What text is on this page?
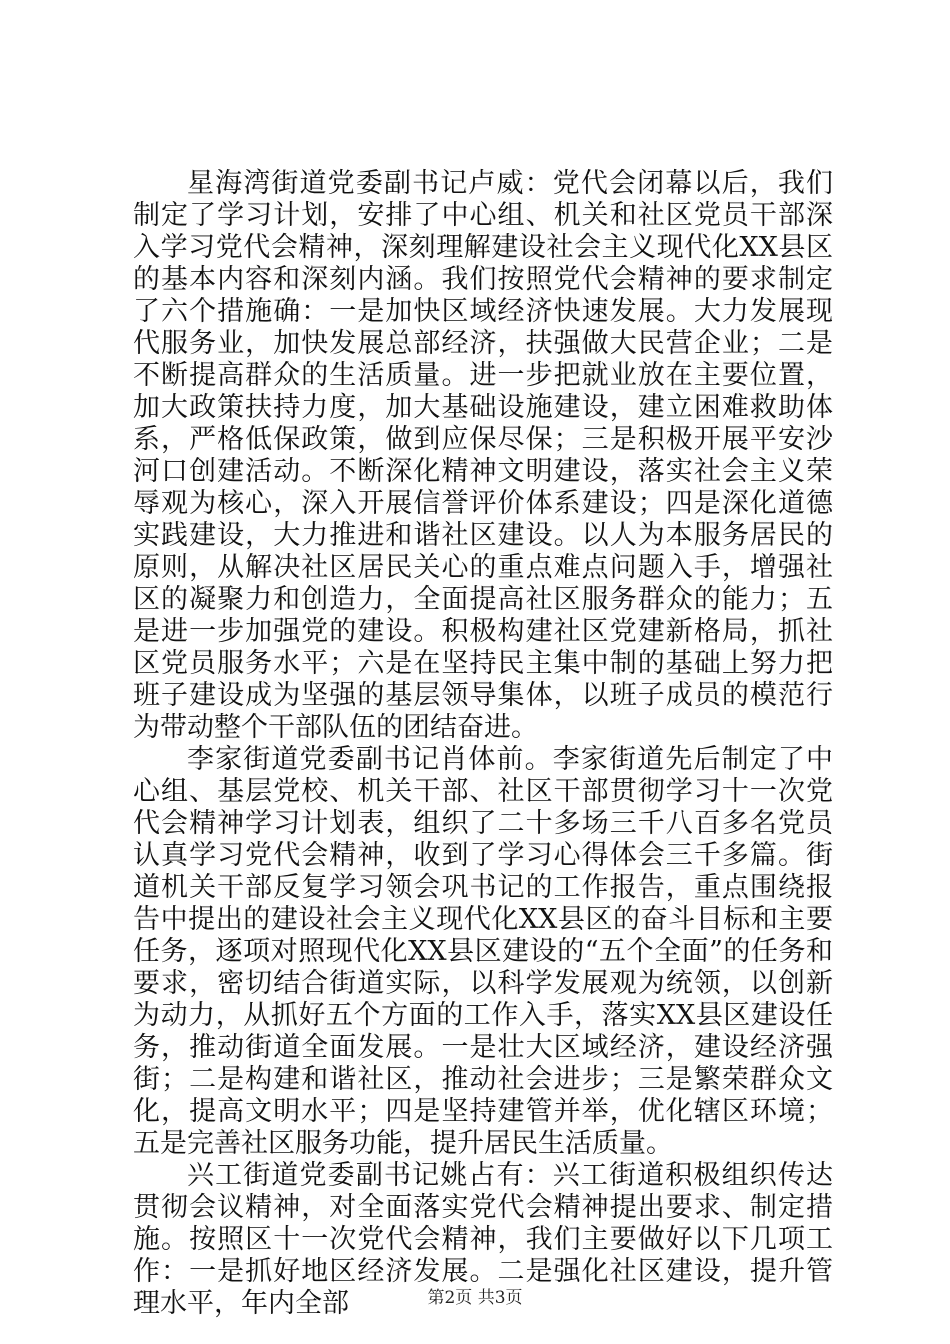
星海湾街道党委副书记卢威：党代会闭幕以后，我们制定了学习计划，安排了中心组、机关和社区党员干部深入学习党代会精神，深刻理解建设社会主义现代化XX县区的基本内容和深刻内涵。我们按照党代会精神的要求制定了六个措施确：一是加快区域经济快速发展。大力发展现代服务业，加快发展总部经济，扶强做大民营企业；二是不断提高群众的生活质量。进一步把就业放在主要位置，加大政策扶持力度，加大基础设施建设，建立困难救助体系，严格低保政策，做到应保尽保；三是积极开展平安沙河口创建活动。不断深化精神文明建设，落实社会主义荣辱观为核心，深入开展信誉评价体系建设；四是深化道德实践建设，大力推进和谐社区建设。以人为本服务居民的原则，从解决社区居民关心的重点难点问题入手，增强社区的凝聚力和创造力，全面提高社区服务群众的能力；五是进一步加强党的建设。积极构建社区党建新格局，抓社区党员服务水平；六是在坚持民主集中制的基础上努力把班子建设成为坚强的基层领导集体，以班子成员的模范行为带动整个干部队伍的团结奋进。

李家街道党委副书记肖体前。李家街道先后制定了中心组、基层党校、机关干部、社区干部贯彻学习十一次党代会精神学习计划表，组织了二十多场三千八百多名党员认真学习党代会精神，收到了学习心得体会三千多篇。街道机关干部反复学习领会巩书记的工作报告，重点围绕报告中提出的建设社会主义现代化XX县区的奋斗目标和主要任务，逐项对照现代化XX县区建设的“五个全面”的任务和要求，密切结合街道实际，以科学发展观为统领，以创新为动力，从抓好五个方面的工作入手，落实XX县区建设任务，推动街道全面发展。一是壮大区域经济，建设经济强街；二是构建和谐社区，推动社会进步；三是繁荣群众文化，提高文明水平；四是坚持建管并举，优化辖区环境；五是完善社区服务功能，提升居民生活质量。

兴工街道党委副书记姚占有：兴工街道积极组织传达贯彻会议精神，对全面落实党代会精神提出要求、制定措施。按照区十一次党代会精神，我们主要做好以下几项工作：一是抓好地区经济发展。二是强化社区建设，提升管理水平，年内全部	第2页 共3页
